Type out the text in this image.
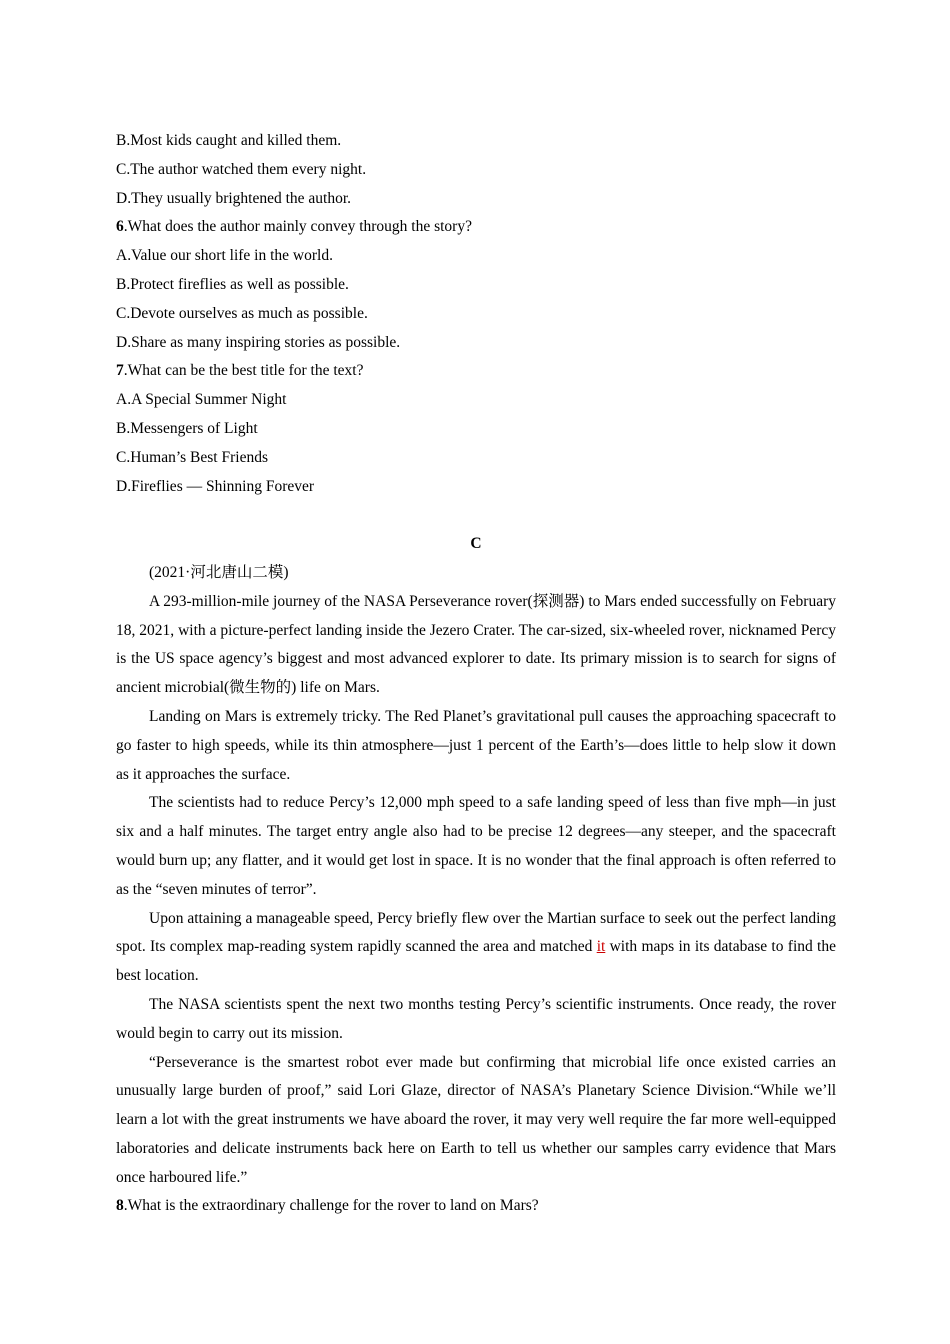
B.Most kids caught and killed them.
C.The author watched them every night.
D.They usually brightened the author.
6.What does the author mainly convey through the story?
A.Value our short life in the world.
B.Protect fireflies as well as possible.
C.Devote ourselves as much as possible.
D.Share as many inspiring stories as possible.
7.What can be the best title for the text?
A.A Special Summer Night
B.Messengers of Light
C.Human’s Best Friends
D.Fireflies — Shinning Forever
C
(2021·河北唐山二模)

A 293-million-mile journey of the NASA Perseverance rover(探测器) to Mars ended successfully on February 18, 2021, with a picture-perfect landing inside the Jezero Crater. The car-sized, six-wheeled rover, nicknamed Percy is the US space agency’s biggest and most advanced explorer to date. Its primary mission is to search for signs of ancient microbial(微生物的) life on Mars.

Landing on Mars is extremely tricky. The Red Planet’s gravitational pull causes the approaching spacecraft to go faster to high speeds, while its thin atmosphere—just 1 percent of the Earth’s—does little to help slow it down as it approaches the surface.

The scientists had to reduce Percy’s 12,000 mph speed to a safe landing speed of less than five mph—in just six and a half minutes. The target entry angle also had to be precise 12 degrees—any steeper, and the spacecraft would burn up; any flatter, and it would get lost in space. It is no wonder that the final approach is often referred to as the “seven minutes of terror”.

Upon attaining a manageable speed, Percy briefly flew over the Martian surface to seek out the perfect landing spot. Its complex map-reading system rapidly scanned the area and matched it with maps in its database to find the best location.

The NASA scientists spent the next two months testing Percy’s scientific instruments. Once ready, the rover would begin to carry out its mission.

“Perseverance is the smartest robot ever made but confirming that microbial life once existed carries an unusually large burden of proof,” said Lori Glaze, director of NASA’s Planetary Science Division.“While we’ll learn a lot with the great instruments we have aboard the rover, it may very well require the far more well-equipped laboratories and delicate instruments back here on Earth to tell us whether our samples carry evidence that Mars once harboured life.”

8.What is the extraordinary challenge for the rover to land on Mars?
